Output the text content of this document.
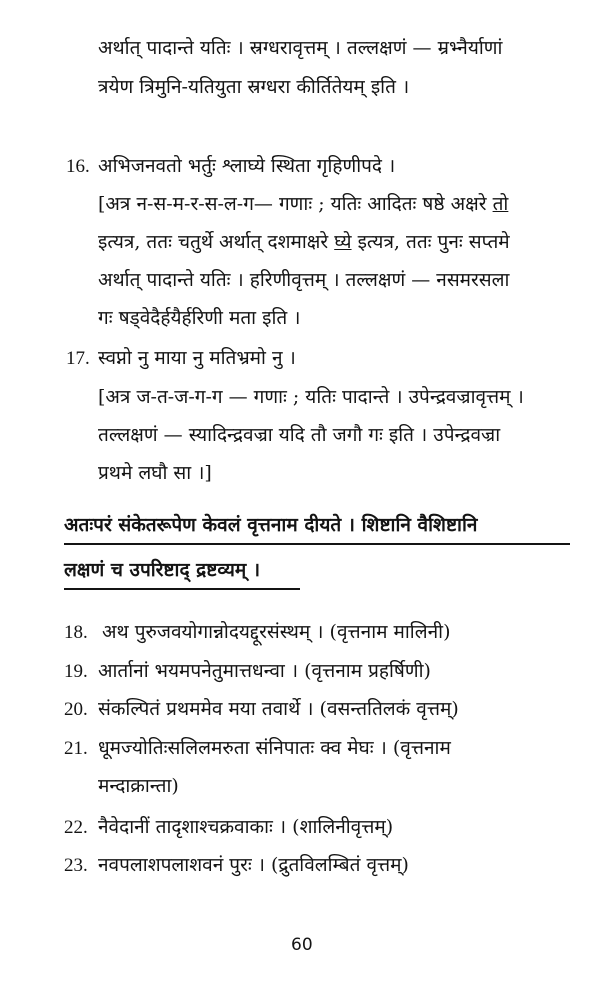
अर्थात् पादान्ते यतिः । स्रग्धरावृत्तम् । तल्लक्षणं — म्रभ्नैर्याणां
त्रयेण त्रिमुनि-यतियुता स्रग्धरा कीर्तितेयम् इति ।
16. अभिजनवतो भर्तुः श्लाघ्ये स्थिता गृहिणीपदे ।
[अत्र न-स-म-र-स-ल-ग— गणाः ; यतिः आदितः षष्ठे अक्षरे तो
इत्यत्र, ततः चतुर्थे अर्थात् दशमाक्षरे घ्ये इत्यत्र, ततः पुनः सप्तमे
अर्थात् पादान्ते यतिः । हरिणीवृत्तम् । तल्लक्षणं — नसमरसला
गः षड्वेदैर्हयैर्हरिणी मता इति ।
17. स्वप्नो नु माया नु मतिभ्रमो नु ।
[अत्र ज-त-ज-ग-ग — गणाः ; यतिः पादान्ते । उपेन्द्रवज्रावृत्तम् ।
तल्लक्षणं — स्यादिन्द्रवज्रा यदि तौ जगौ गः इति । उपेन्द्रवज्रा
प्रथमे लघौ सा ।]
अतःपरं संकेतरूपेण केवलं वृत्तनाम दीयते । शिष्टानि वैशिष्टानि
लक्षणं च उपरिष्टाद् द्रष्टव्यम् ।
18. अथ पुरुजवयोगान्नोदयद्दूरसंस्थम् । (वृत्तनाम मालिनी)
19. आर्तानां भयमपनेतुमात्तधन्वा । (वृत्तनाम प्रहर्षिणी)
20. संकल्पितं प्रथममेव मया तवार्थे । (वसन्ततिलकं वृत्तम्)
21. धूमज्योतिःसलिलमरुता संनिपातः क्व मेघः । (वृत्तनाम
मन्दाक्रान्ता)
22. नैवेदानीं तादृशाश्चक्रवाकाः । (शालिनीवृत्तम्)
23. नवपलाशपलाशवनं पुरः । (द्रुतविलम्बितं वृत्तम्)
60
